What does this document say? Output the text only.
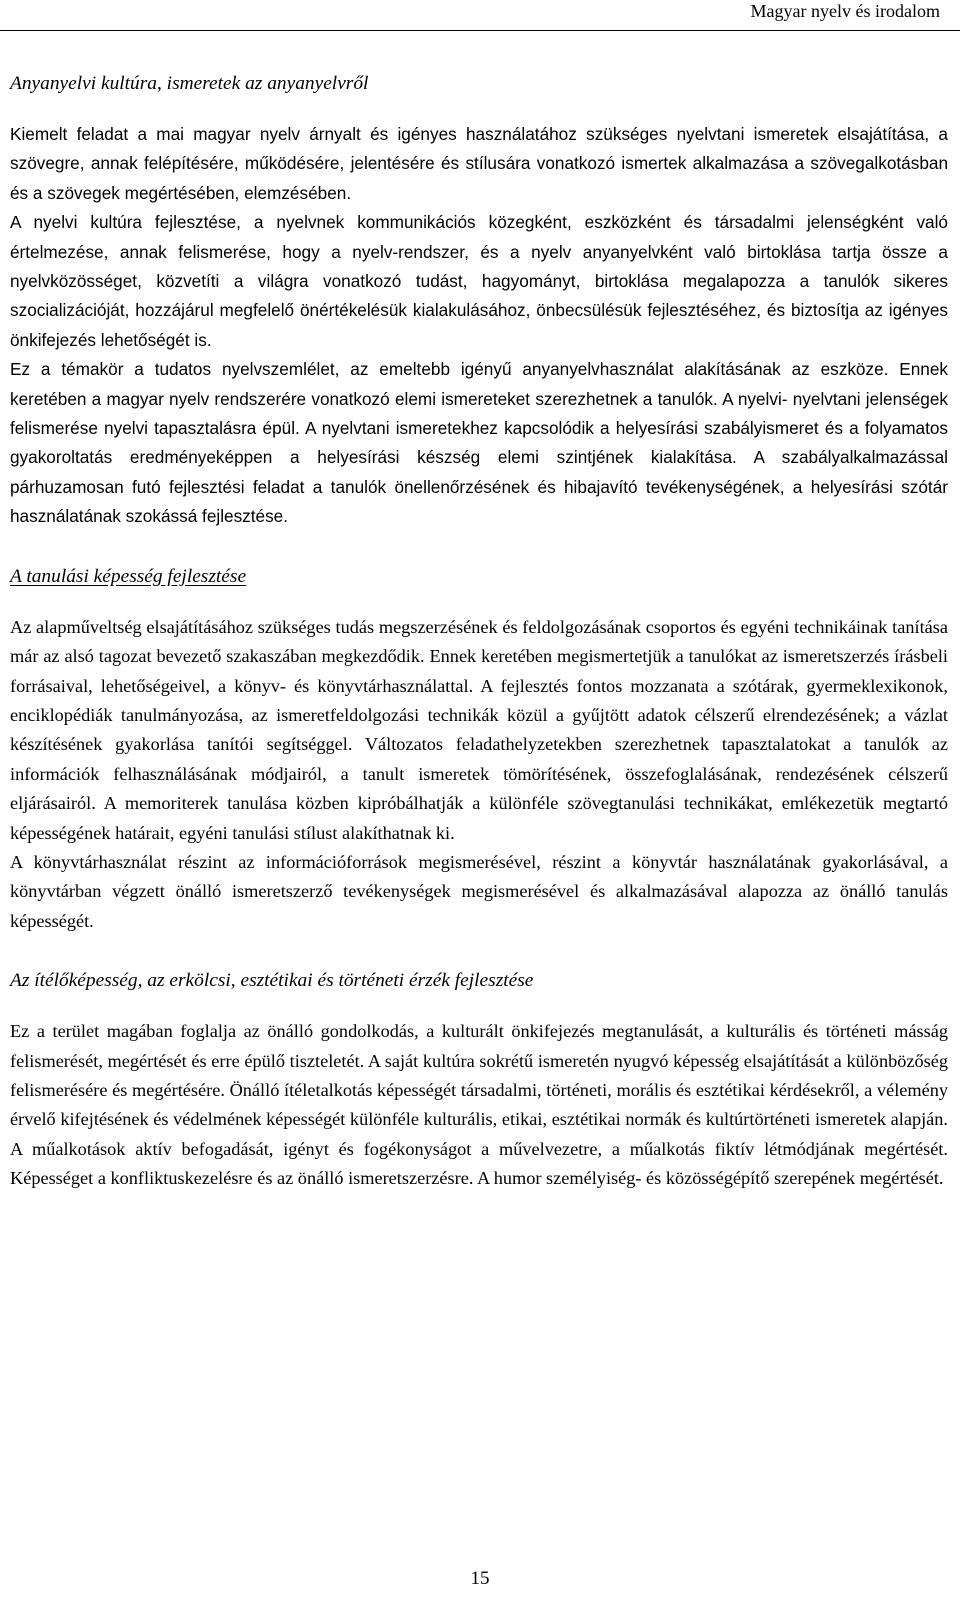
Magyar nyelv és irodalom
Anyanyelvi kultúra, ismeretek az anyanyelvről

Kiemelt feladat a mai magyar nyelv árnyalt és igényes használatához szükséges nyelvtani ismeretek elsajátítása, a szövegre, annak felépítésére, működésére, jelentésére és stílusára vonatkozó ismertek alkalmazása a szövegalkotásban és a szövegek megértésében, elemzésében.

A nyelvi kultúra fejlesztése, a nyelvnek kommunikációs közegként, eszközként és társadalmi jelenségként való értelmezése, annak felismerése, hogy a nyelv-rendszer, és a nyelv anyanyelvként való birtoklása tartja össze a nyelvközösséget, közvetíti a világra vonatkozó tudást, hagyományt, birtoklása megalapozza a tanulók sikeres szocializációját, hozzájárul megfelelő önértékelésük kialakulásához, önbecsülésük fejlesztéséhez, és biztosítja az igényes önkifejezés lehetőségét is.

Ez a témakör a tudatos nyelvszemlélet, az emeltebb igényű anyanyelvhasználat alakításának az eszköze. Ennek keretében a magyar nyelv rendszerére vonatkozó elemi ismereteket szerezhetnek a tanulók. A nyelvi- nyelvtani jelenségek felismerése nyelvi tapasztalásra épül. A nyelvtani ismeretekhez kapcsolódik a helyesírási szabályismeret és a folyamatos gyakoroltatás eredményeképpen a helyesírási készség elemi szintjének kialakítása. A szabályalkalmazással párhuzamosan futó fejlesztési feladat a tanulók önellenőrzésének és hibajavító tevékenységének, a helyesírási szótár használatának szokássá fejlesztése.

A tanulási képesség fejlesztése

Az alapműveltség elsajátításához szükséges tudás megszerzésének és feldolgozásának csoportos és egyéni technikáinak tanítása már az alsó tagozat bevezető szakaszában megkezdődik. Ennek keretében megismertetjük a tanulókat az ismeretszerzés írásbeli forrásaival, lehetőségeivel, a könyv- és könyvtárhasználattal. A fejlesztés fontos mozzanata a szótárak, gyermeklexikonok, enciklopédiák tanulmányozása, az ismeretfeldolgozási technikák közül a gyűjtött adatok célszerű elrendezésének; a vázlat készítésének gyakorlása tanítói segítséggel. Változatos feladathelyzetekben szerezhetnek tapasztalatokat a tanulók az információk felhasználásának módjairól, a tanult ismeretek tömörítésének, összefoglalásának, rendezésének célszerű eljárásairól. A memoriterek tanulása közben kipróbálhatják a különféle szövegtanulási technikákat, emlékezetük megtartó képességének határait, egyéni tanulási stílust alakíthatnak ki.

A könyvtárhasználat részint az információforrások megismerésével, részint a könyvtár használatának gyakorlásával, a könyvtárban végzett önálló ismeretszerző tevékenységek megismerésével és alkalmazásával alapozza az önálló tanulás képességét.

Az ítélőképesség, az erkölcsi, esztétikai és történeti érzék fejlesztése

Ez a terület magában foglalja az önálló gondolkodás, a kulturált önkifejezés megtanulását, a kulturális és történeti másság felismerését, megértését és erre épülő tiszteletét. A saját kultúra sokrétű ismeretén nyugvó képesség elsajátítását a különbözőség felismerésére és megértésére. Önálló ítéletalkotás képességét társadalmi, történeti, morális és esztétikai kérdésekről, a vélemény érvelő kifejtésének és védelmének képességét különféle kulturális, etikai, esztétikai normák és kultúrtörténeti ismeretek alapján. A műalkotások aktív befogadását, igényt és fogékonyságot a művelvezetre, a műalkotás fiktív létmódjának megértését. Képességet a konfliktuskezelésre és az önálló ismeretszerzésre. A humor személyiség- és közösségépítő szerepének megértését.

15
